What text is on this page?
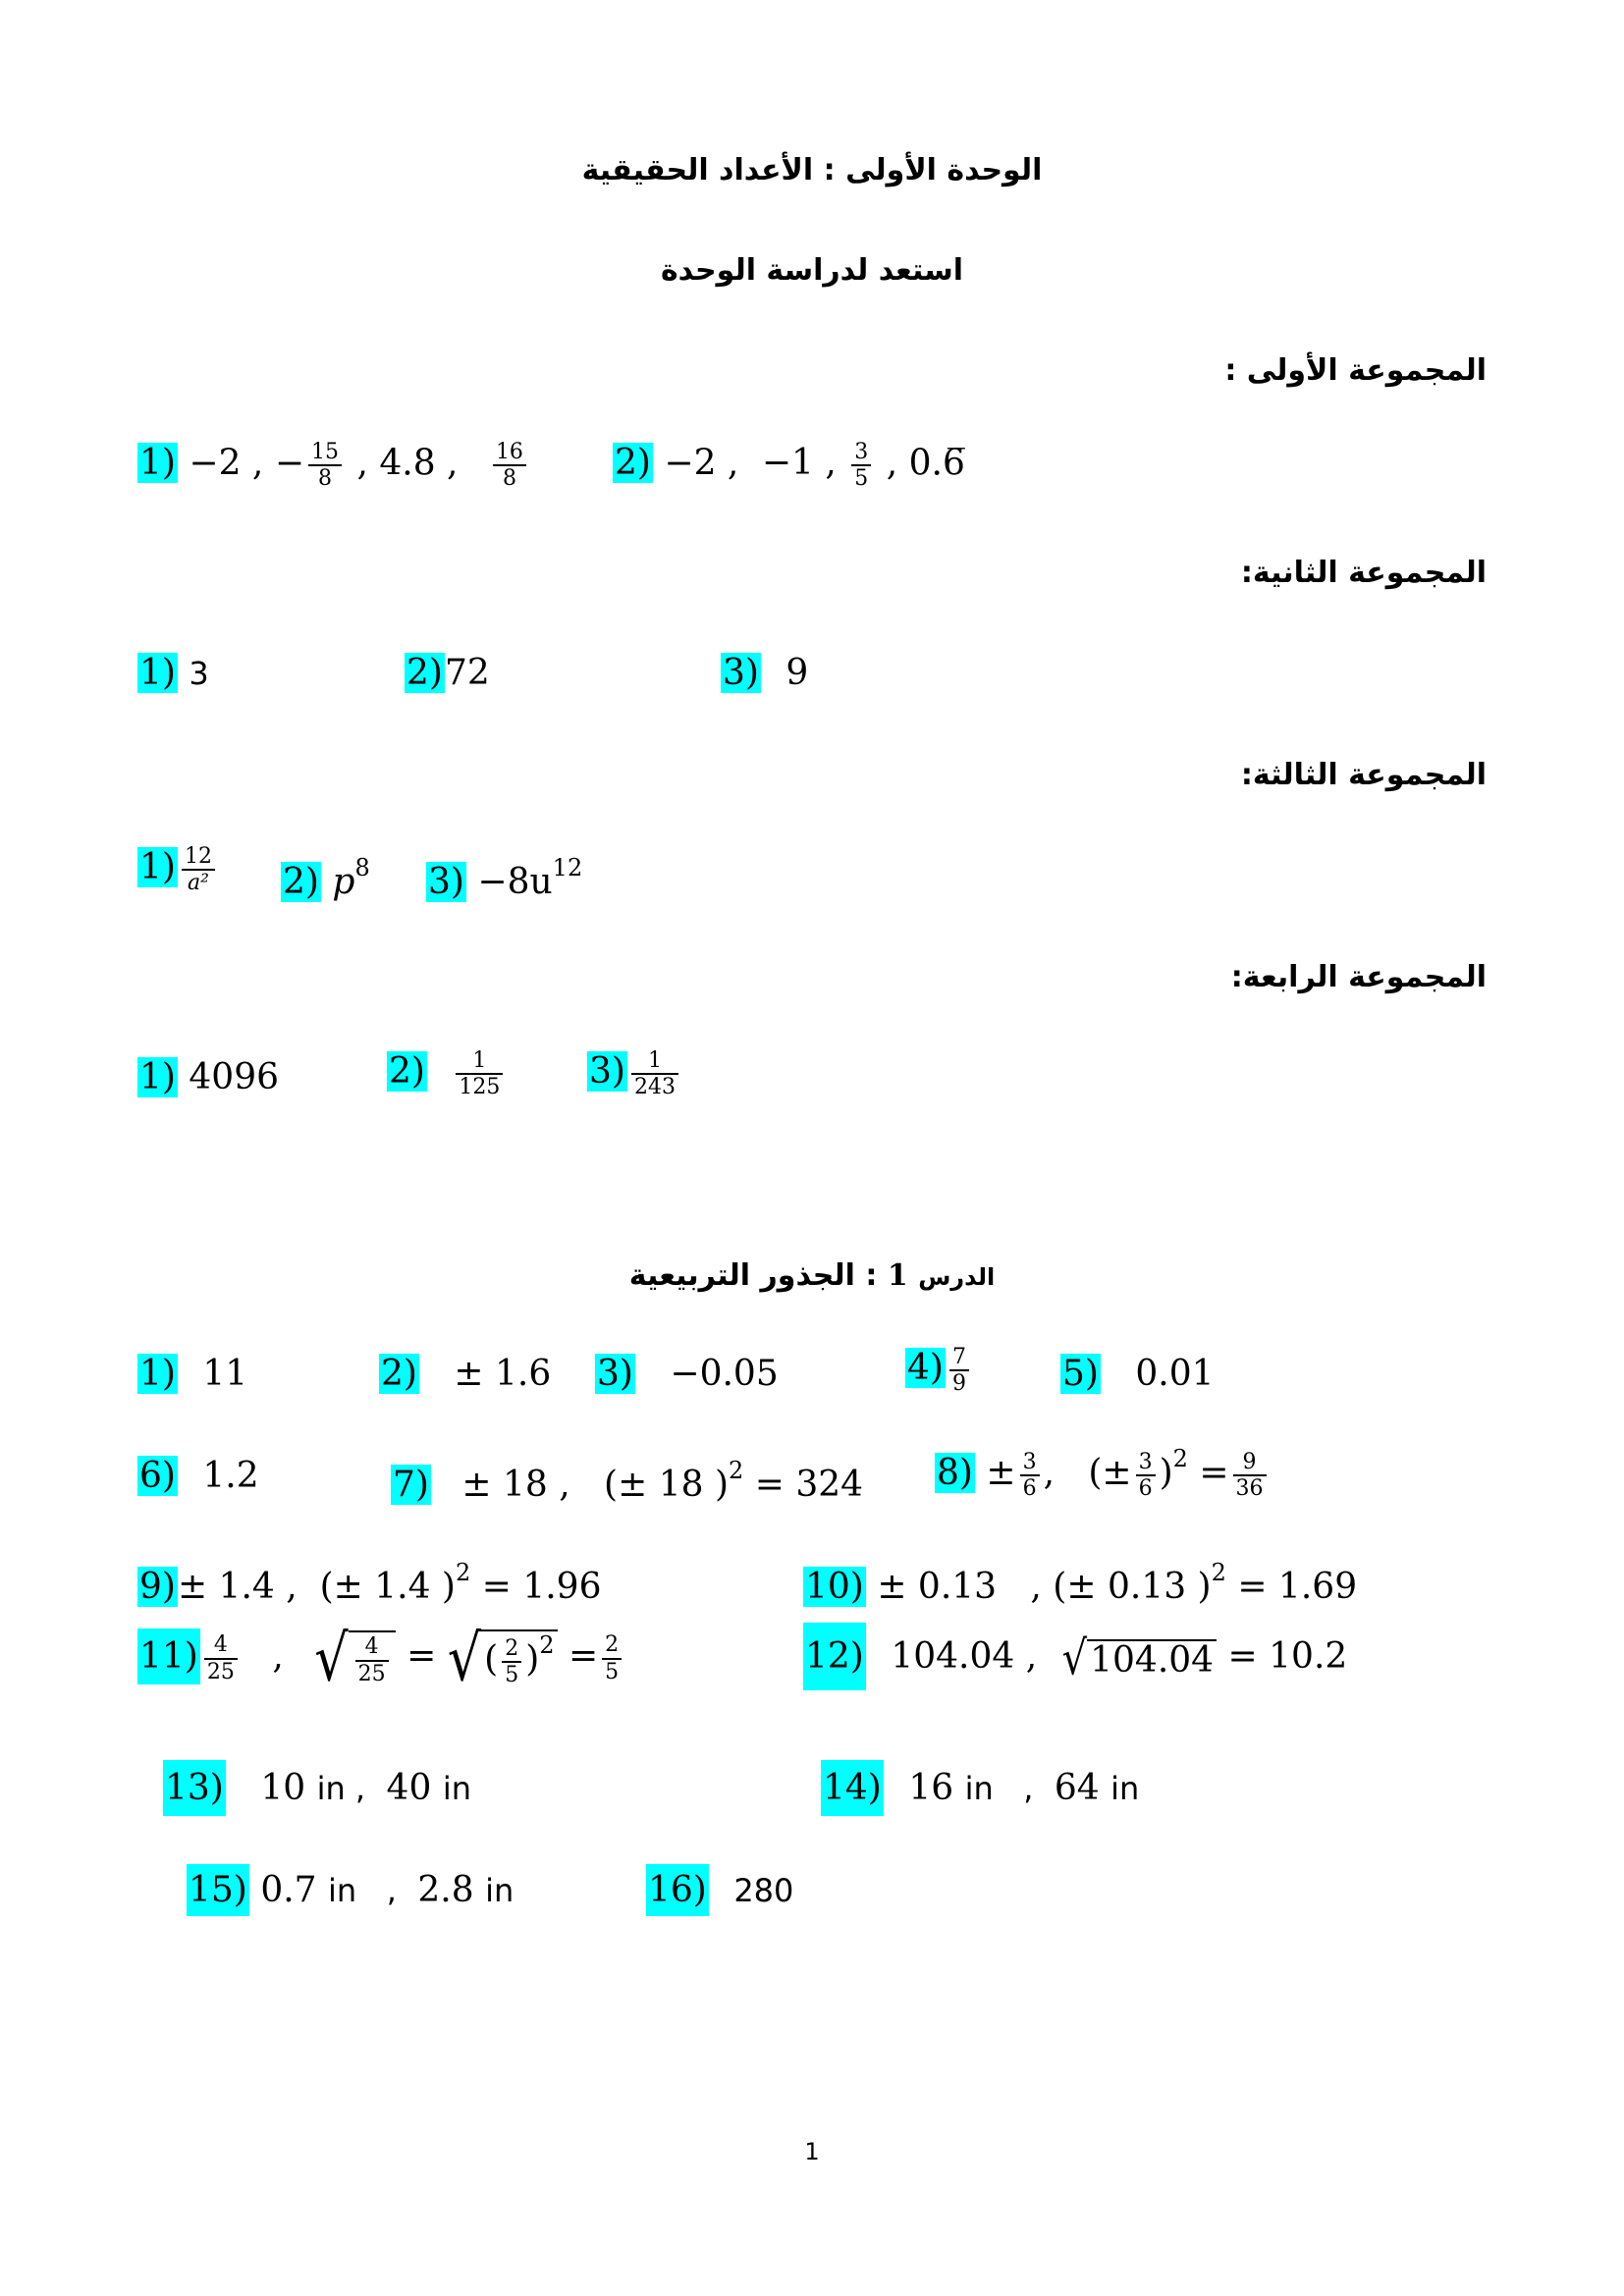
الوحدة الأولى : الأعداد الحقيقية
استعد لدراسة الوحدة
المجموعة الأولى :
1) −2 , − $\frac{15}{8}$ , 4.8 , $\frac{16}{8}$	2) −2 , −1 , $\frac{3}{5}$ , 0.6̅
المجموعة الثانية:
1) 3	2)72	3) 9
المجموعة الثالثة:
$1) \frac{12}{\text{a²}} 2$) $p^8$ $3) -8u^{12}$
المجموعة الرابعة:
1) 4096	$2) \frac{1}{125} 3) \frac{1}{243}$
الدرس 1 : الجذور التربيعية
1) 11	2) ± 1.6 3) −0.05	$4) \frac{7}{9}$	5) 0.01
6) 1.2	7) ± 18 ,   (± 18 )$^2$ = 324 $8) \pm \frac{3}{6}$ ,   (± $\frac{3}{6} )^2 = \frac{9}{36}$
9)± 1.4 ,  (± 1.4 )$^2$ = 1.96	10) ± 0.13   , (± 0.13 )$^2$ = 1.69
$11) \frac{4}{25}$ , √ $\frac{4}{25}$ = √( $\frac{2}{5} )^2 = \frac{2}{5}$	12) 104.04 , √104.04 = 10.2
13) 10 in , 40 in	14) 16 in   , 64 in
15) 0.7 in   , 2.8 in	16) 280
1
